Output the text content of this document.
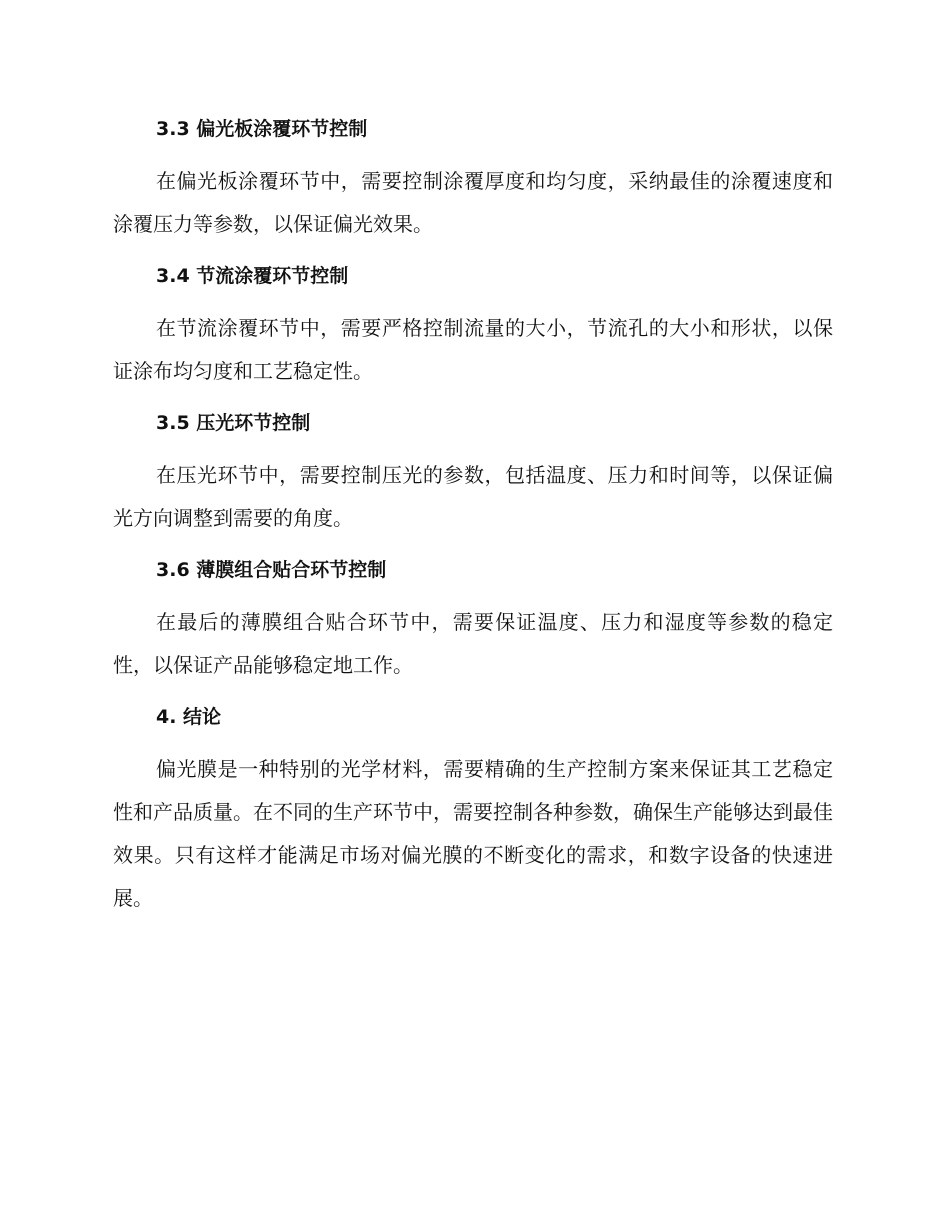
3.3 偏光板涂覆环节控制

在偏光板涂覆环节中，需要控制涂覆厚度和均匀度，采纳最佳的涂覆速度和涂覆压力等参数，以保证偏光效果。

3.4 节流涂覆环节控制

在节流涂覆环节中，需要严格控制流量的大小，节流孔的大小和形状，以保证涂布均匀度和工艺稳定性。

3.5 压光环节控制

在压光环节中，需要控制压光的参数，包括温度、压力和时间等，以保证偏光方向调整到需要的角度。

3.6 薄膜组合贴合环节控制

在最后的薄膜组合贴合环节中，需要保证温度、压力和湿度等参数的稳定性，以保证产品能够稳定地工作。

4. 结论

偏光膜是一种特别的光学材料，需要精确的生产控制方案来保证其工艺稳定性和产品质量。在不同的生产环节中，需要控制各种参数，确保生产能够达到最佳效果。只有这样才能满足市场对偏光膜的不断变化的需求，和数字设备的快速进展。
